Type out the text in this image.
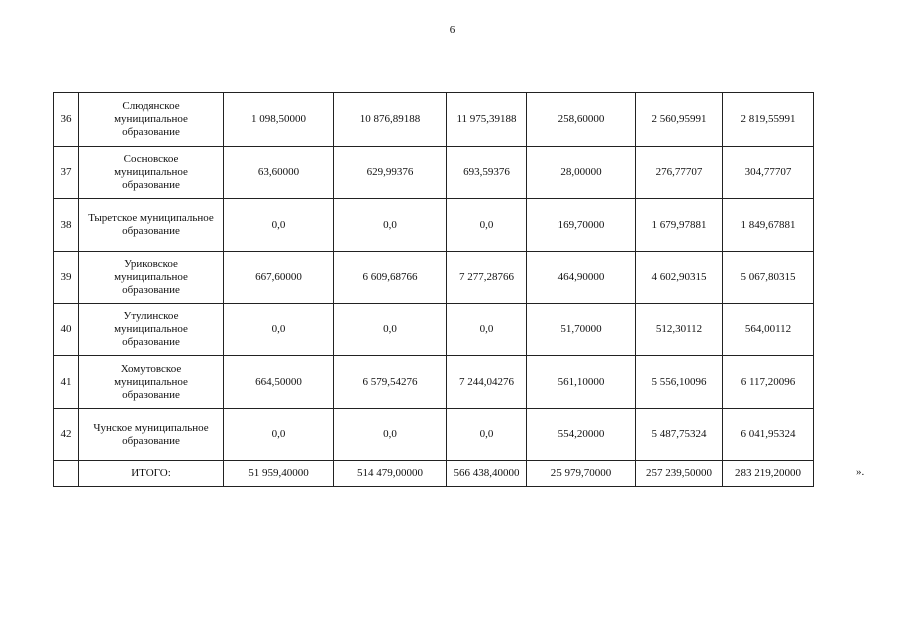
6
36	Слюдянское муниципальное образование	1 098,50000	10 876,89188	11 975,39188	258,60000	2 560,95991	2 819,55991
37	Сосновское муниципальное образование	63,60000	629,99376	693,59376	28,00000	276,77707	304,77707
38	Тыретское муниципальное образование	0,0	0,0	0,0	169,70000	1 679,97881	1 849,67881
39	Уриковское муниципальное образование	667,60000	6 609,68766	7 277,28766	464,90000	4 602,90315	5 067,80315
40	Утулинское муниципальное образование	0,0	0,0	0,0	51,70000	512,30112	564,00112
41	Хомутовское муниципальное образование	664,50000	6 579,54276	7 244,04276	561,10000	5 556,10096	6 117,20096
42	Чунское муниципальное образование	0,0	0,0	0,0	554,20000	5 487,75324	6 041,95324
	ИТОГО:	51 959,40000	514 479,00000	566 438,40000	25 979,70000	257 239,50000	283 219,20000	».
